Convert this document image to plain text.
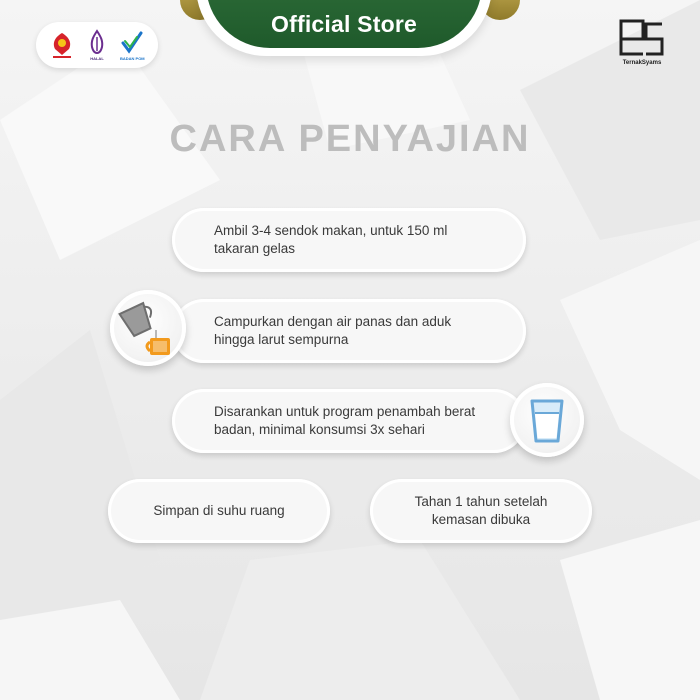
Official Store
HALAL	BADAN POM
TernakSyams
CARA PENYAJIAN
Ambil 3-4 sendok makan, untuk 150 ml
takaran gelas
Campurkan dengan air panas dan aduk
hingga larut sempurna
Disarankan untuk program penambah berat
badan, minimal konsumsi 3x sehari
Simpan di suhu ruang
Tahan 1 tahun setelah
kemasan dibuka
